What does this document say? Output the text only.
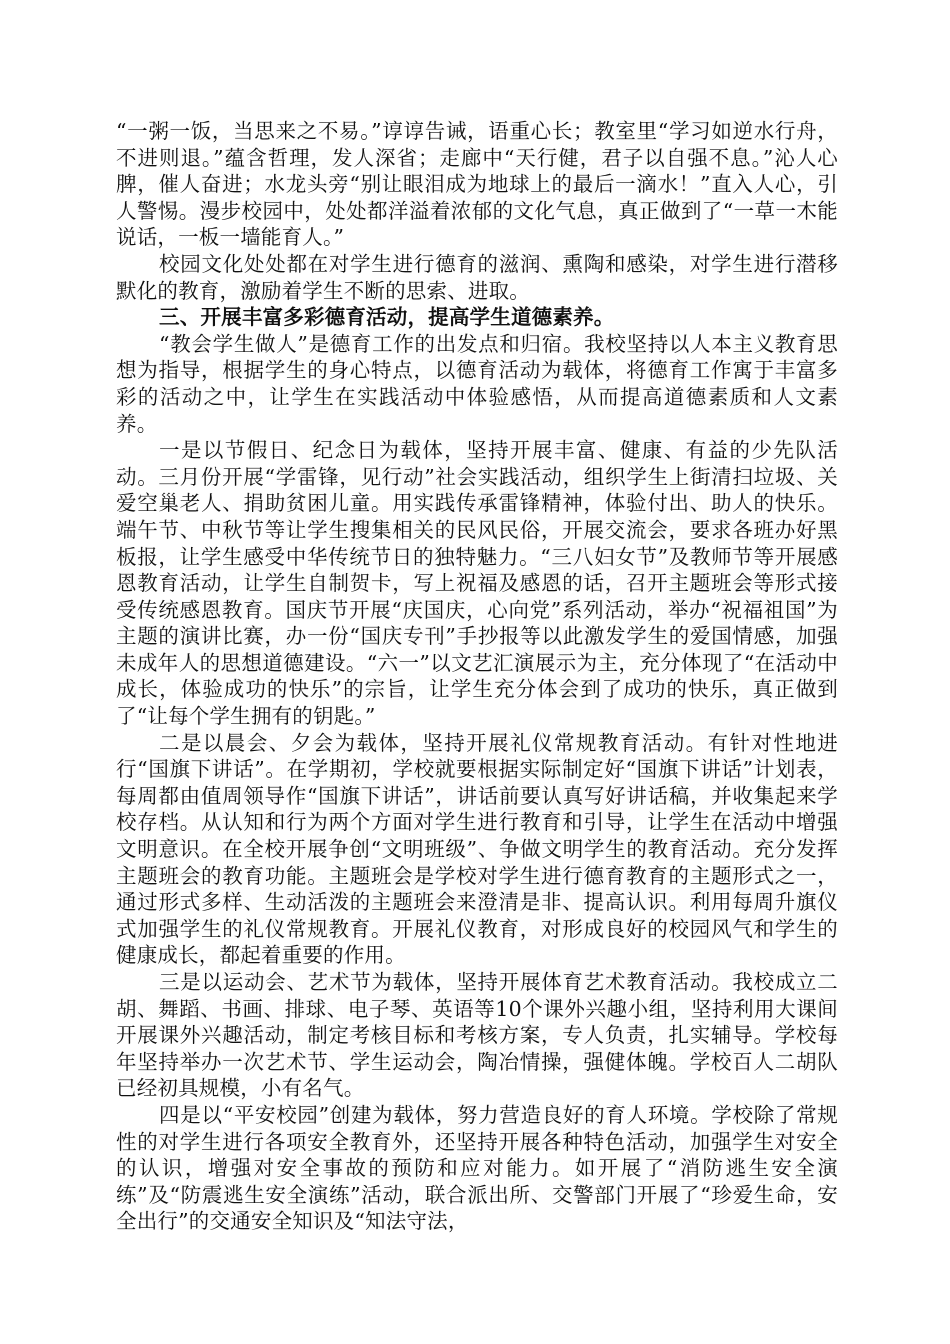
“一粥一饭，当思来之不易。”谆谆告诫，语重心长；教室里“学习如逆水行舟，不进则退。”蕴含哲理，发人深省；走廊中“天行健，君子以自强不息。”沁人心脾，催人奋进；水龙头旁“别让眼泪成为地球上的最后一滴水！”直入人心，引人警惕。漫步校园中，处处都洋溢着浓郁的文化气息，真正做到了“一草一木能说话，一板一墙能育人。”

校园文化处处都在对学生进行德育的滋润、熏陶和感染，对学生进行潜移默化的教育，激励着学生不断的思索、进取。

三、开展丰富多彩德育活动，提高学生道德素养。

“教会学生做人”是德育工作的出发点和归宿。我校坚持以人本主义教育思想为指导，根据学生的身心特点，以德育活动为载体，将德育工作寓于丰富多彩的活动之中，让学生在实践活动中体验感悟，从而提高道德素质和人文素养。

一是以节假日、纪念日为载体，坚持开展丰富、健康、有益的少先队活动。三月份开展“学雷锋，见行动”社会实践活动，组织学生上街清扫垃圾、关爱空巢老人、捐助贫困儿童。用实践传承雷锋精神，体验付出、助人的快乐。端午节、中秋节等让学生搜集相关的民风民俗，开展交流会，要求各班办好黑板报，让学生感受中华传统节日的独特魅力。“三八妇女节”及教师节等开展感恩教育活动，让学生自制贺卡，写上祝福及感恩的话，召开主题班会等形式接受传统感恩教育。国庆节开展“庆国庆，心向党”系列活动，举办“祝福祖国”为主题的演讲比赛，办一份“国庆专刊”手抄报等以此激发学生的爱国情感，加强未成年人的思想道德建设。“六一”以文艺汇演展示为主，充分体现了“在活动中成长，体验成功的快乐”的宗旨，让学生充分体会到了成功的快乐，真正做到了“让每个学生拥有的钥匙。”

二是以晨会、夕会为载体，坚持开展礼仪常规教育活动。有针对性地进行“国旗下讲话”。在学期初，学校就要根据实际制定好“国旗下讲话”计划表，每周都由值周领导作“国旗下讲话”，讲话前要认真写好讲话稿，并收集起来学校存档。从认知和行为两个方面对学生进行教育和引导，让学生在活动中增强文明意识。在全校开展争创“文明班级”、争做文明学生的教育活动。充分发挥主题班会的教育功能。主题班会是学校对学生进行德育教育的主题形式之一，通过形式多样、生动活泼的主题班会来澄清是非、提高认识。利用每周升旗仪式加强学生的礼仪常规教育。开展礼仪教育，对形成良好的校园风气和学生的健康成长，都起着重要的作用。

三是以运动会、艺术节为载体，坚持开展体育艺术教育活动。我校成立二胡、舞蹈、书画、排球、电子琴、英语等10个课外兴趣小组，坚持利用大课间开展课外兴趣活动，制定考核目标和考核方案，专人负责，扎实辅导。学校每年坚持举办一次艺术节、学生运动会，陶冶情操，强健体魄。学校百人二胡队已经初具规模，小有名气。

四是以“平安校园”创建为载体，努力营造良好的育人环境。学校除了常规性的对学生进行各项安全教育外，还坚持开展各种特色活动，加强学生对安全的认识，增强对安全事故的预防和应对能力。如开展了“消防逃生安全演练”及“防震逃生安全演练”活动，联合派出所、交警部门开展了“珍爱生命，安全出行”的交通安全知识及“知法守法，
